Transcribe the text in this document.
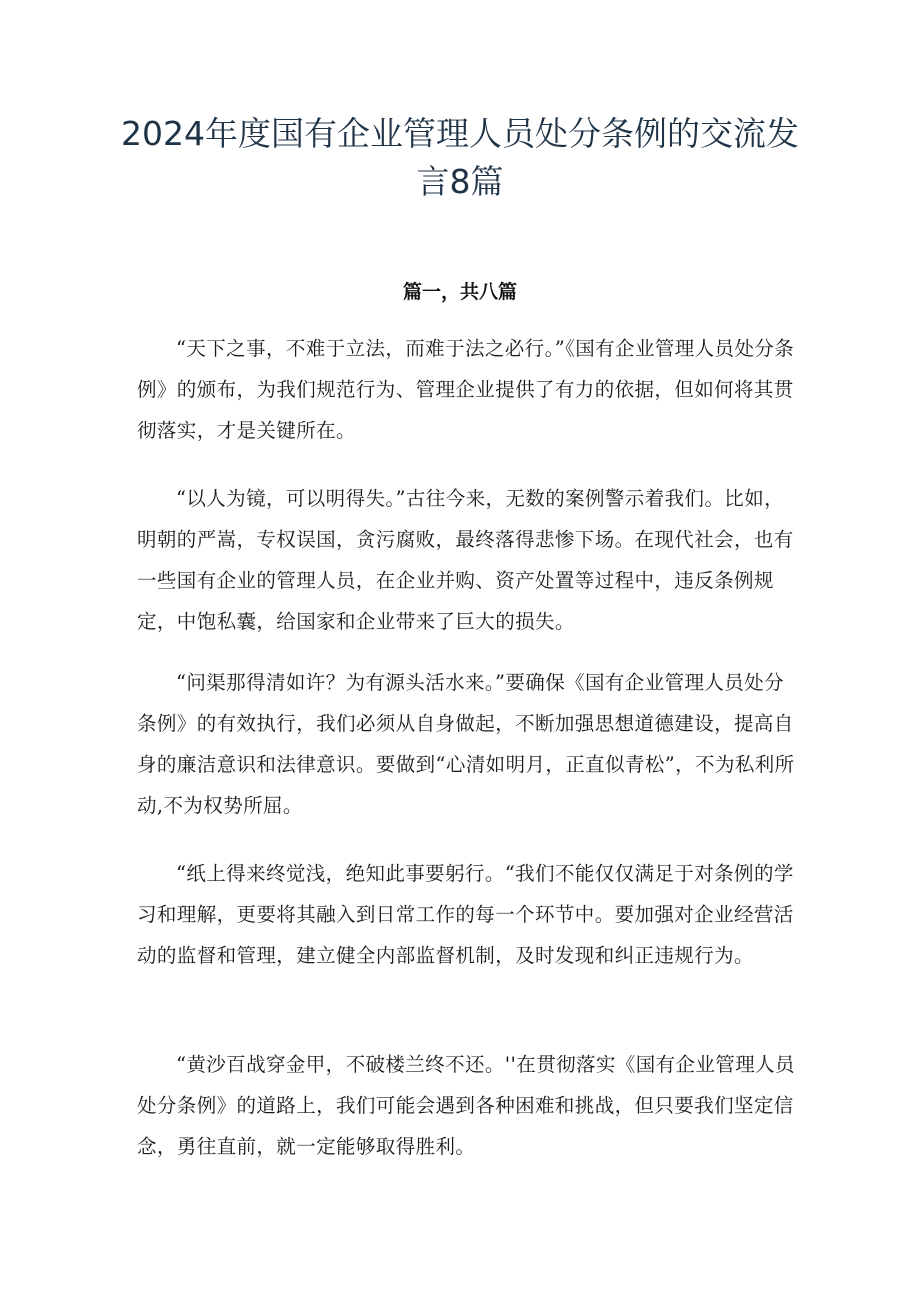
2024年度国有企业管理人员处分条例的交流发言8篇
篇一，共八篇

“天下之事，不难于立法，而难于法之必行。”《国有企业管理人员处分条例》的颁布，为我们规范行为、管理企业提供了有力的依据，但如何将其贯彻落实，才是关键所在。

“以人为镜，可以明得失。”古往今来，无数的案例警示着我们。比如，明朝的严嵩，专权误国，贪污腐败，最终落得悲惨下场。在现代社会，也有一些国有企业的管理人员，在企业并购、资产处置等过程中，违反条例规定，中饱私囊，给国家和企业带来了巨大的损失。

“问渠那得清如许？为有源头活水来。”要确保《国有企业管理人员处分条例》的有效执行，我们必须从自身做起，不断加强思想道德建设，提高自身的廉洁意识和法律意识。要做到“心清如明月，正直似青松”，不为私利所动,不为权势所屈。

“纸上得来终觉浅，绝知此事要躬行。“我们不能仅仅满足于对条例的学习和理解，更要将其融入到日常工作的每一个环节中。要加强对企业经营活动的监督和管理，建立健全内部监督机制，及时发现和纠正违规行为。

“黄沙百战穿金甲，不破楼兰终不还。''在贯彻落实《国有企业管理人员处分条例》的道路上，我们可能会遇到各种困难和挑战，但只要我们坚定信念，勇往直前，就一定能够取得胜利。
